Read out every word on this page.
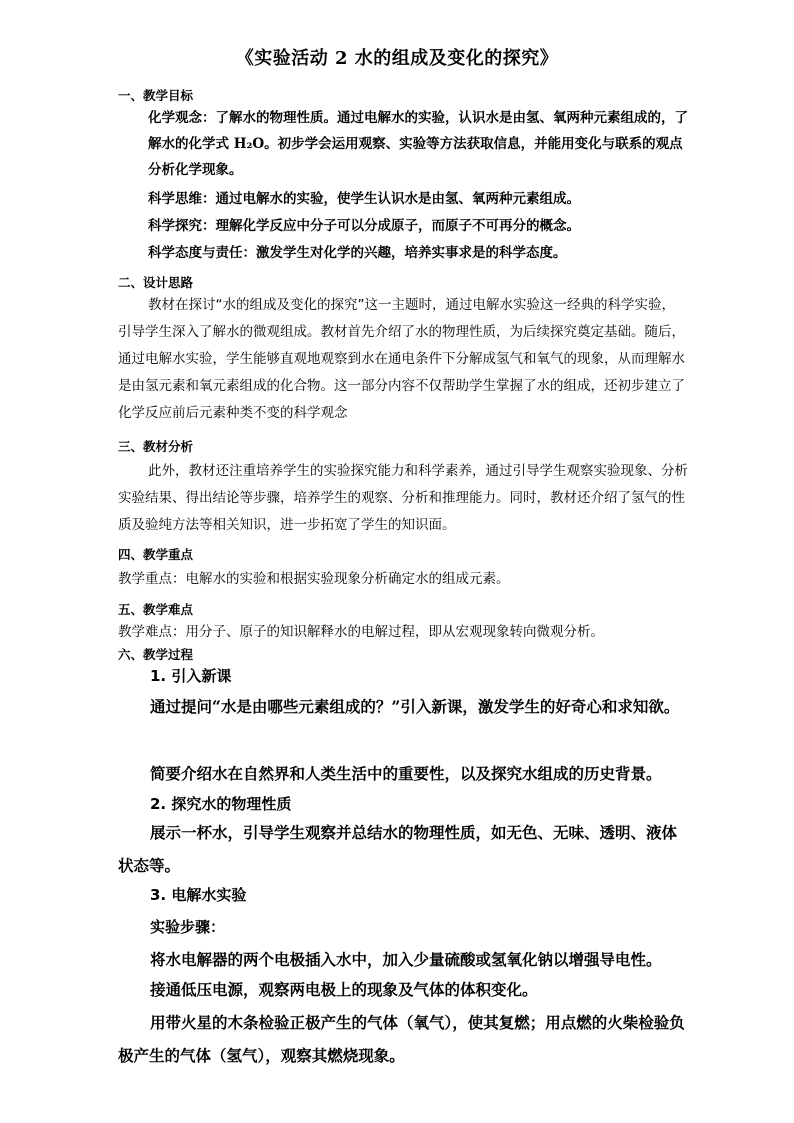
《实验活动 2 水的组成及变化的探究》
一、教学目标
化学观念：了解水的物理性质。通过电解水的实验，认识水是由氢、氧两种元素组成的，了解水的化学式 H₂O。初步学会运用观察、实验等方法获取信息，并能用变化与联系的观点分析化学现象。
科学思维：通过电解水的实验，使学生认识水是由氢、氧两种元素组成。
科学探究：理解化学反应中分子可以分成原子，而原子不可再分的概念。
科学态度与责任：激发学生对化学的兴趣，培养实事求是的科学态度。
二、设计思路
教材在探讨“水的组成及变化的探究”这一主题时，通过电解水实验这一经典的科学实验，引导学生深入了解水的微观组成。教材首先介绍了水的物理性质，为后续探究奠定基础。随后，通过电解水实验，学生能够直观地观察到水在通电条件下分解成氢气和氧气的现象，从而理解水是由氢元素和氧元素组成的化合物。这一部分内容不仅帮助学生掌握了水的组成，还初步建立了化学反应前后元素种类不变的科学观念
三、教材分析
此外，教材还注重培养学生的实验探究能力和科学素养，通过引导学生观察实验现象、分析实验结果、得出结论等步骤，培养学生的观察、分析和推理能力。同时，教材还介绍了氢气的性质及验纯方法等相关知识，进一步拓宽了学生的知识面。
四、教学重点
教学重点：电解水的实验和根据实验现象分析确定水的组成元素。
五、教学难点
教学难点：用分子、原子的知识解释水的电解过程，即从宏观现象转向微观分析。
六、教学过程
1. 引入新课
通过提问“水是由哪些元素组成的？”引入新课，激发学生的好奇心和求知欲。
简要介绍水在自然界和人类生活中的重要性，以及探究水组成的历史背景。
2. 探究水的物理性质
展示一杯水，引导学生观察并总结水的物理性质，如无色、无味、透明、液体状态等。
3. 电解水实验
实验步骤：
将水电解器的两个电极插入水中，加入少量硫酸或氢氧化钠以增强导电性。
接通低压电源，观察两电极上的现象及气体的体积变化。
用带火星的木条检验正极产生的气体（氧气），使其复燃；用点燃的火柴检验负极产生的气体（氢气），观察其燃烧现象。
